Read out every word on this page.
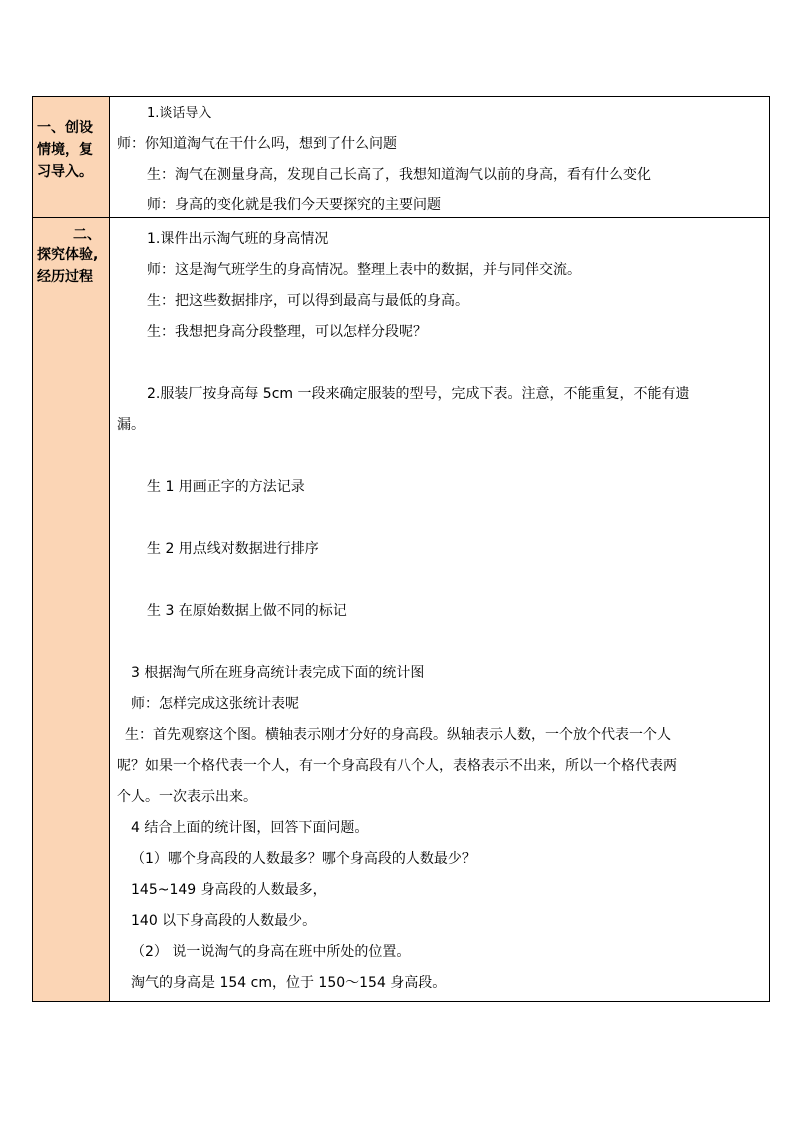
一、创设
情境，复
习导入。
1.谈话导入
师：你知道淘气在干什么吗，想到了什么问题
生：淘气在测量身高，发现自己长高了，我想知道淘气以前的身高，看有什么变化
师：身高的变化就是我们今天要探究的主要问题
二、
探究体验,
经历过程
1.课件出示淘气班的身高情况
师：这是淘气班学生的身高情况。整理上表中的数据，并与同伴交流。
生：把这些数据排序，可以得到最高与最低的身高。
生：我想把身高分段整理，可以怎样分段呢？
2.服装厂按身高每 5cm 一段来确定服装的型号，完成下表。注意，不能重复，不能有遗
漏。
生 1 用画正字的方法记录
生 2 用点线对数据进行排序
生 3 在原始数据上做不同的标记
3 根据淘气所在班身高统计表完成下面的统计图
师：怎样完成这张统计表呢
生：首先观察这个图。横轴表示刚才分好的身高段。纵轴表示人数，一个放个代表一个人
呢？如果一个格代表一个人，有一个身高段有八个人，表格表示不出来，所以一个格代表两
个人。一次表示出来。
4 结合上面的统计图，回答下面问题。
（1）哪个身高段的人数最多？哪个身高段的人数最少？
145~149 身高段的人数最多，
140 以下身高段的人数最少。
（2） 说一说淘气的身高在班中所处的位置。
淘气的身高是 154 cm，位于 150～154 身高段。
